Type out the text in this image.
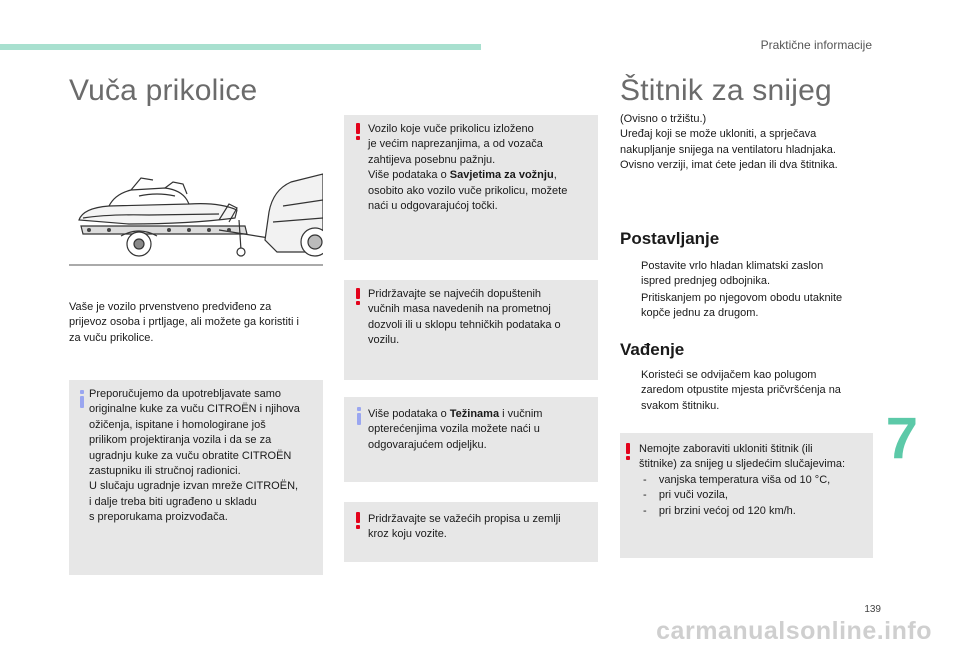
Praktične informacije
Vuča prikolice
Vaše je vozilo prvenstveno predviđeno za
prijevoz osoba i prtljage, ali možete ga koristiti i
za vuču prikolice.
Preporučujemo da upotrebljavate samo
originalne kuke za vuču CITROËN i njihova
ožičenja, ispitane i homologirane još
prilikom projektiranja vozila i da se za
ugradnju kuke za vuču obratite CITROËN
zastupniku ili stručnoj radionici.
U slučaju ugradnje izvan mreže CITROËN,
i dalje treba biti ugrađeno u skladu
s preporukama proizvođača.
Vozilo koje vuče prikolicu izloženo
je većim naprezanjima, a od vozača
zahtijeva posebnu pažnju.
Više podataka o Savjetima za vožnju,
osobito ako vozilo vuče prikolicu, možete
naći u odgovarajućoj točki.
Pridržavajte se najvećih dopuštenih
vučnih masa navedenih na prometnoj
dozvoli ili u sklopu tehničkih podataka o
vozilu.
Više podataka o Težinama i vučnim
opterećenjima vozila možete naći u
odgovarajućem odjeljku.
Pridržavajte se važećih propisa u zemlji
kroz koju vozite.
Štitnik za snijeg
(Ovisno o tržištu.)
Uređaj koji se može ukloniti, a sprječava
nakupljanje snijega na ventilatoru hladnjaka.
Ovisno verziji, imat ćete jedan ili dva štitnika.
Postavljanje
Postavite vrlo hladan klimatski zaslon
ispred prednjeg odbojnika.
Pritiskanjem po njegovom obodu utaknite
kopče jednu za drugom.
Vađenje
Koristeći se odvijačem kao polugom
zaredom otpustite mjesta pričvršćenja na
svakom štitniku.
Nemojte zaboraviti ukloniti štitnik (ili
štitnike) za snijeg u sljedećim slučajevima:
-    vanjska temperatura viša od 10 °C,
-    pri vuči vozila,
-    pri brzini većoj od 120 km/h.
7
139
carmanualsonline.info
